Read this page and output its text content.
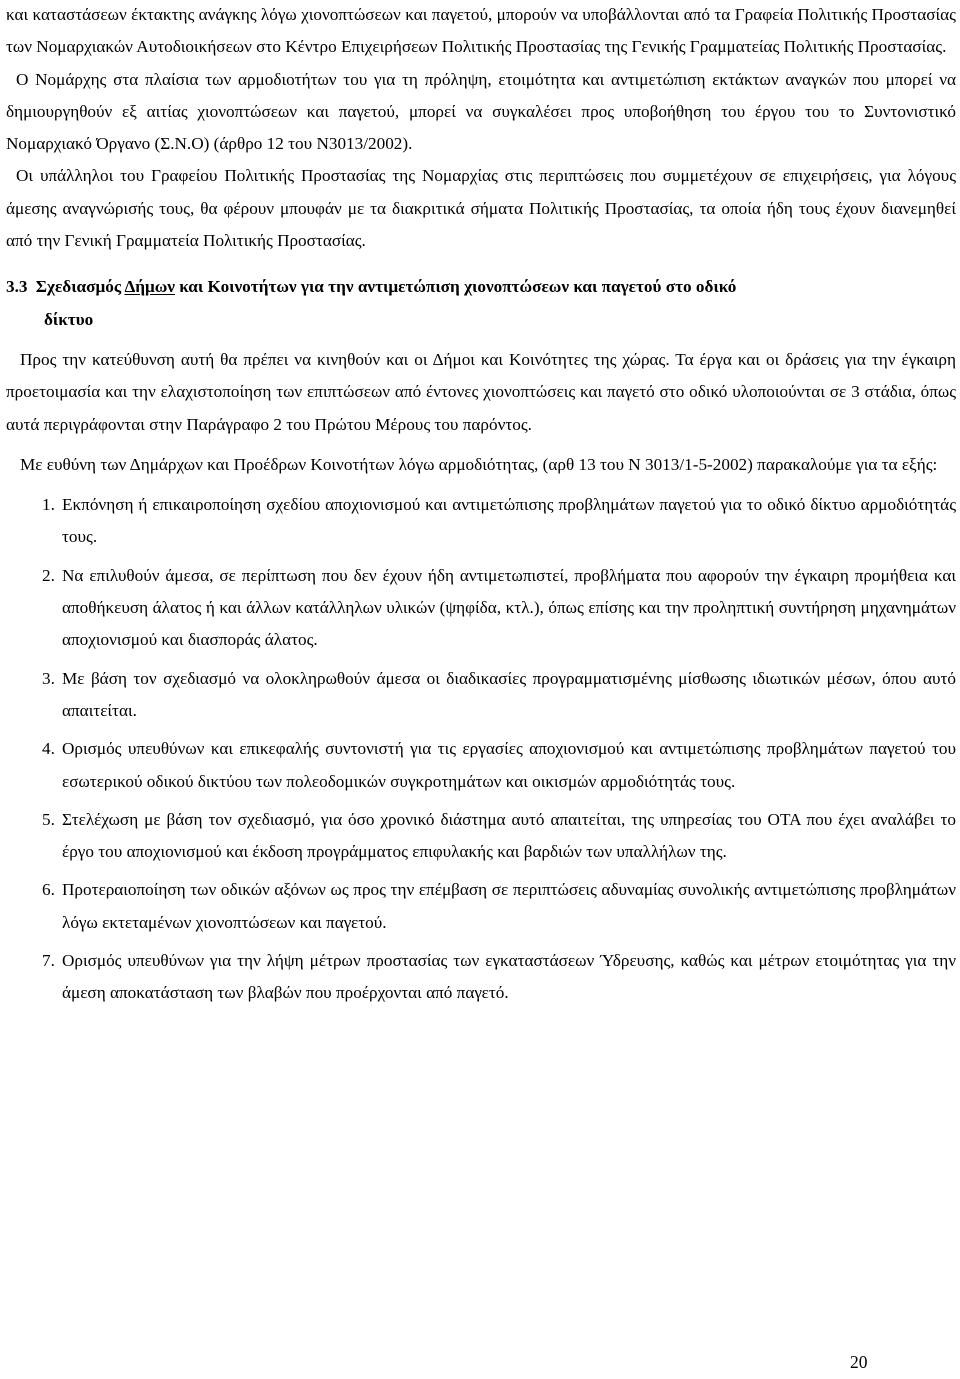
και καταστάσεων έκτακτης ανάγκης λόγω χιονοπτώσεων και παγετού, μπορούν να υποβάλλονται από τα Γραφεία Πολιτικής Προστασίας των Νομαρχιακών Αυτοδιοικήσεων στο Κέντρο Επιχειρήσεων Πολιτικής Προστασίας της Γενικής Γραμματείας Πολιτικής Προστασίας.

Ο Νομάρχης στα πλαίσια των αρμοδιοτήτων του για τη πρόληψη, ετοιμότητα και αντιμετώπιση εκτάκτων αναγκών που μπορεί να δημιουργηθούν εξ αιτίας χιονοπτώσεων και παγετού, μπορεί να συγκαλέσει προς υποβοήθηση του έργου του το Συντονιστικό Νομαρχιακό Όργανο (Σ.Ν.Ο) (άρθρο 12 του Ν3013/2002).

Οι υπάλληλοι του Γραφείου Πολιτικής Προστασίας της Νομαρχίας στις περιπτώσεις που συμμετέχουν σε επιχειρήσεις, για λόγους άμεσης αναγνώρισής τους, θα φέρουν μπουφάν με τα διακριτικά σήματα Πολιτικής Προστασίας, τα οποία ήδη τους έχουν διανεμηθεί από την Γενική Γραμματεία Πολιτικής Προστασίας.

3.3 Σχεδιασμός Δήμων και Κοινοτήτων για την αντιμετώπιση χιονοπτώσεων και παγετού στο οδικό
δίκτυο

Προς την κατεύθυνση αυτή θα πρέπει να κινηθούν και οι Δήμοι και Κοινότητες της χώρας. Τα έργα και οι δράσεις για την έγκαιρη προετοιμασία και την ελαχιστοποίηση των επιπτώσεων από έντονες χιονοπτώσεις και παγετό στο οδικό υλοποιούνται σε 3 στάδια, όπως αυτά περιγράφονται στην Παράγραφο 2 του Πρώτου Μέρους του παρόντος.

Με ευθύνη των Δημάρχων και Προέδρων Κοινοτήτων λόγω αρμοδιότητας, (αρθ 13 του Ν 3013/1-5-2002) παρακαλούμε για τα εξής:

1. Εκπόνηση ή επικαιροποίηση σχεδίου αποχιονισμού και αντιμετώπισης προβλημάτων παγετού για το οδικό δίκτυο αρμοδιότητάς τους.
2. Να επιλυθούν άμεσα, σε περίπτωση που δεν έχουν ήδη αντιμετωπιστεί, προβλήματα που αφορούν την έγκαιρη προμήθεια και αποθήκευση άλατος ή και άλλων κατάλληλων υλικών (ψηφίδα, κτλ.), όπως επίσης και την προληπτική συντήρηση μηχανημάτων αποχιονισμού και διασποράς άλατος.
3. Με βάση τον σχεδιασμό να ολοκληρωθούν άμεσα οι διαδικασίες προγραμματισμένης μίσθωσης ιδιωτικών μέσων, όπου αυτό απαιτείται.
4. Ορισμός υπευθύνων και επικεφαλής συντονιστή για τις εργασίες αποχιονισμού και αντιμετώπισης προβλημάτων παγετού του εσωτερικού οδικού δικτύου των πολεοδομικών συγκροτημάτων και οικισμών αρμοδιότητάς τους.
5. Στελέχωση με βάση τον σχεδιασμό, για όσο χρονικό διάστημα αυτό απαιτείται, της υπηρεσίας του ΟΤΑ που έχει αναλάβει το έργο του αποχιονισμού και έκδοση προγράμματος επιφυλακής και βαρδιών των υπαλλήλων της.
6. Προτεραιοποίηση των οδικών αξόνων ως προς την επέμβαση σε περιπτώσεις αδυναμίας συνολικής αντιμετώπισης προβλημάτων λόγω εκτεταμένων χιονοπτώσεων και παγετού.
7. Ορισμός υπευθύνων για την λήψη μέτρων προστασίας των εγκαταστάσεων Ύδρευσης, καθώς και μέτρων ετοιμότητας για την άμεση αποκατάσταση των βλαβών που προέρχονται από παγετό.
20
